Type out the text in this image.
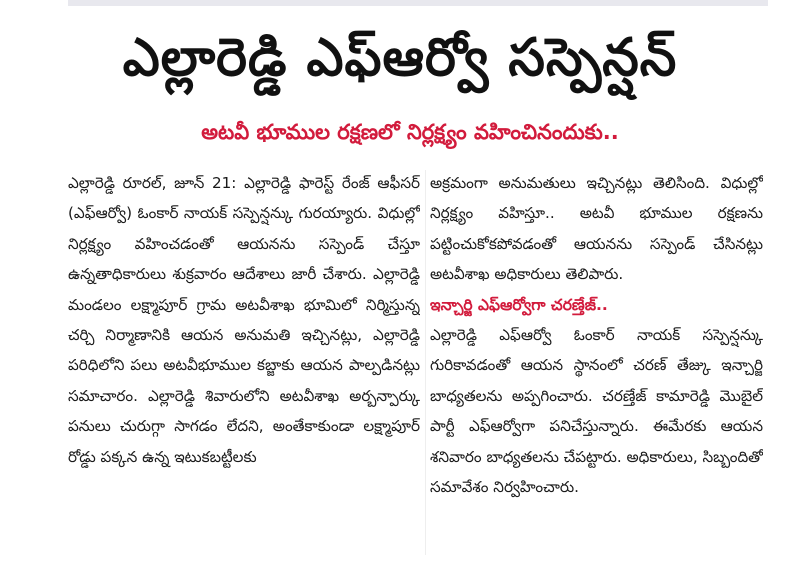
ఎల్లారెడ్డి ఎఫ్ఆర్వో సస్పెన్షన్
అటవీ భూముల రక్షణలో నిర్లక్ష్యం వహించినందుకు..

ఎల్లారెడ్డి రూరల్, జూన్ 21: ఎల్లారెడ్డి ఫారెస్ట్ రేంజ్ ఆఫీసర్ (ఎఫ్ఆర్వో) ఓంకార్ నాయక్ సస్పెన్షన్కు గురయ్యారు. విధుల్లో నిర్లక్ష్యం వహించడంతో ఆయనను సస్పెండ్ చేస్తూ ఉన్నతాధికారులు శుక్రవారం ఆదేశాలు జారీ చేశారు. ఎల్లారెడ్డి మండలం లక్ష్మాపూర్ గ్రామ అటవీశాఖ భూమిలో నిర్మిస్తున్న చర్చి నిర్మాణానికి ఆయన అనుమతి ఇచ్చినట్లు, ఎల్లారెడ్డి పరిధిలోని పలు అటవీభూముల కబ్జాకు ఆయన పాల్పడినట్లు సమాచారం. ఎల్లారెడ్డి శివారులోని అటవీశాఖ అర్బన్పార్కు పనులు చురుగ్గా సాగడం లేదని, అంతేకాకుండా లక్ష్మాపూర్ రోడ్డు పక్కన ఉన్న ఇటుకబట్టీలకు

అక్రమంగా అనుమతులు ఇచ్చినట్లు తెలిసింది. విధుల్లో నిర్లక్ష్యం వహిస్తూ.. అటవీ భూముల రక్షణను పట్టించుకోకపోవడంతో ఆయనను సస్పెండ్ చేసినట్లు అటవీశాఖ అధికారులు తెలిపారు.

ఇన్చార్జి ఎఫ్ఆర్వోగా చరణ్తేజ్..

ఎల్లారెడ్డి ఎఫ్ఆర్వో ఓంకార్ నాయక్ సస్పెన్షన్కు గురికావడంతో ఆయన స్థానంలో చరణ్ తేజ్కు ఇన్చార్జి బాధ్యతలను అప్పగించారు. చరణ్తేజ్ కామారెడ్డి మొబైల్ పార్టీ ఎఫ్ఆర్వోగా పనిచేస్తున్నారు. ఈమేరకు ఆయన శనివారం బాధ్యతలను చేపట్టారు. అధికారులు, సిబ్బందితో సమావేశం నిర్వహించారు.
